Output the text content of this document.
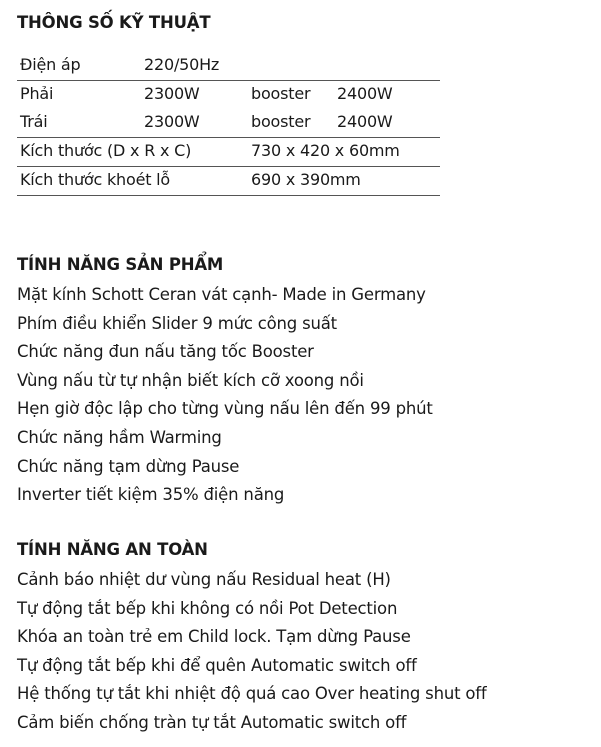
THÔNG SỐ KỸ THUẬT
Điện áp	220/50Hz
Phải	2300W	booster 2400W
Trái	2300W	booster 2400W
Kích thước (D x R x C)	730 x 420 x 60mm
Kích thước khoét lỗ	690 x 390mm
TÍNH NĂNG SẢN PHẨM
Mặt kính Schott Ceran vát cạnh- Made in Germany
Phím điều khiển Slider 9 mức công suất
Chức năng đun nấu tăng tốc Booster
Vùng nấu từ tự nhận biết kích cỡ xoong nồi
Hẹn giờ độc lập cho từng vùng nấu lên đến 99 phút
Chức năng hầm Warming
Chức năng tạm dừng Pause
Inverter tiết kiệm 35% điện năng
TÍNH NĂNG AN TOÀN
Cảnh báo nhiệt dư vùng nấu Residual heat (H)
Tự động tắt bếp khi không có nồi Pot Detection
Khóa an toàn trẻ em Child lock. Tạm dừng Pause
Tự động tắt bếp khi để quên Automatic switch off
Hệ thống tự tắt khi nhiệt độ quá cao Over heating shut off
Cảm biến chống tràn tự tắt Automatic switch off
